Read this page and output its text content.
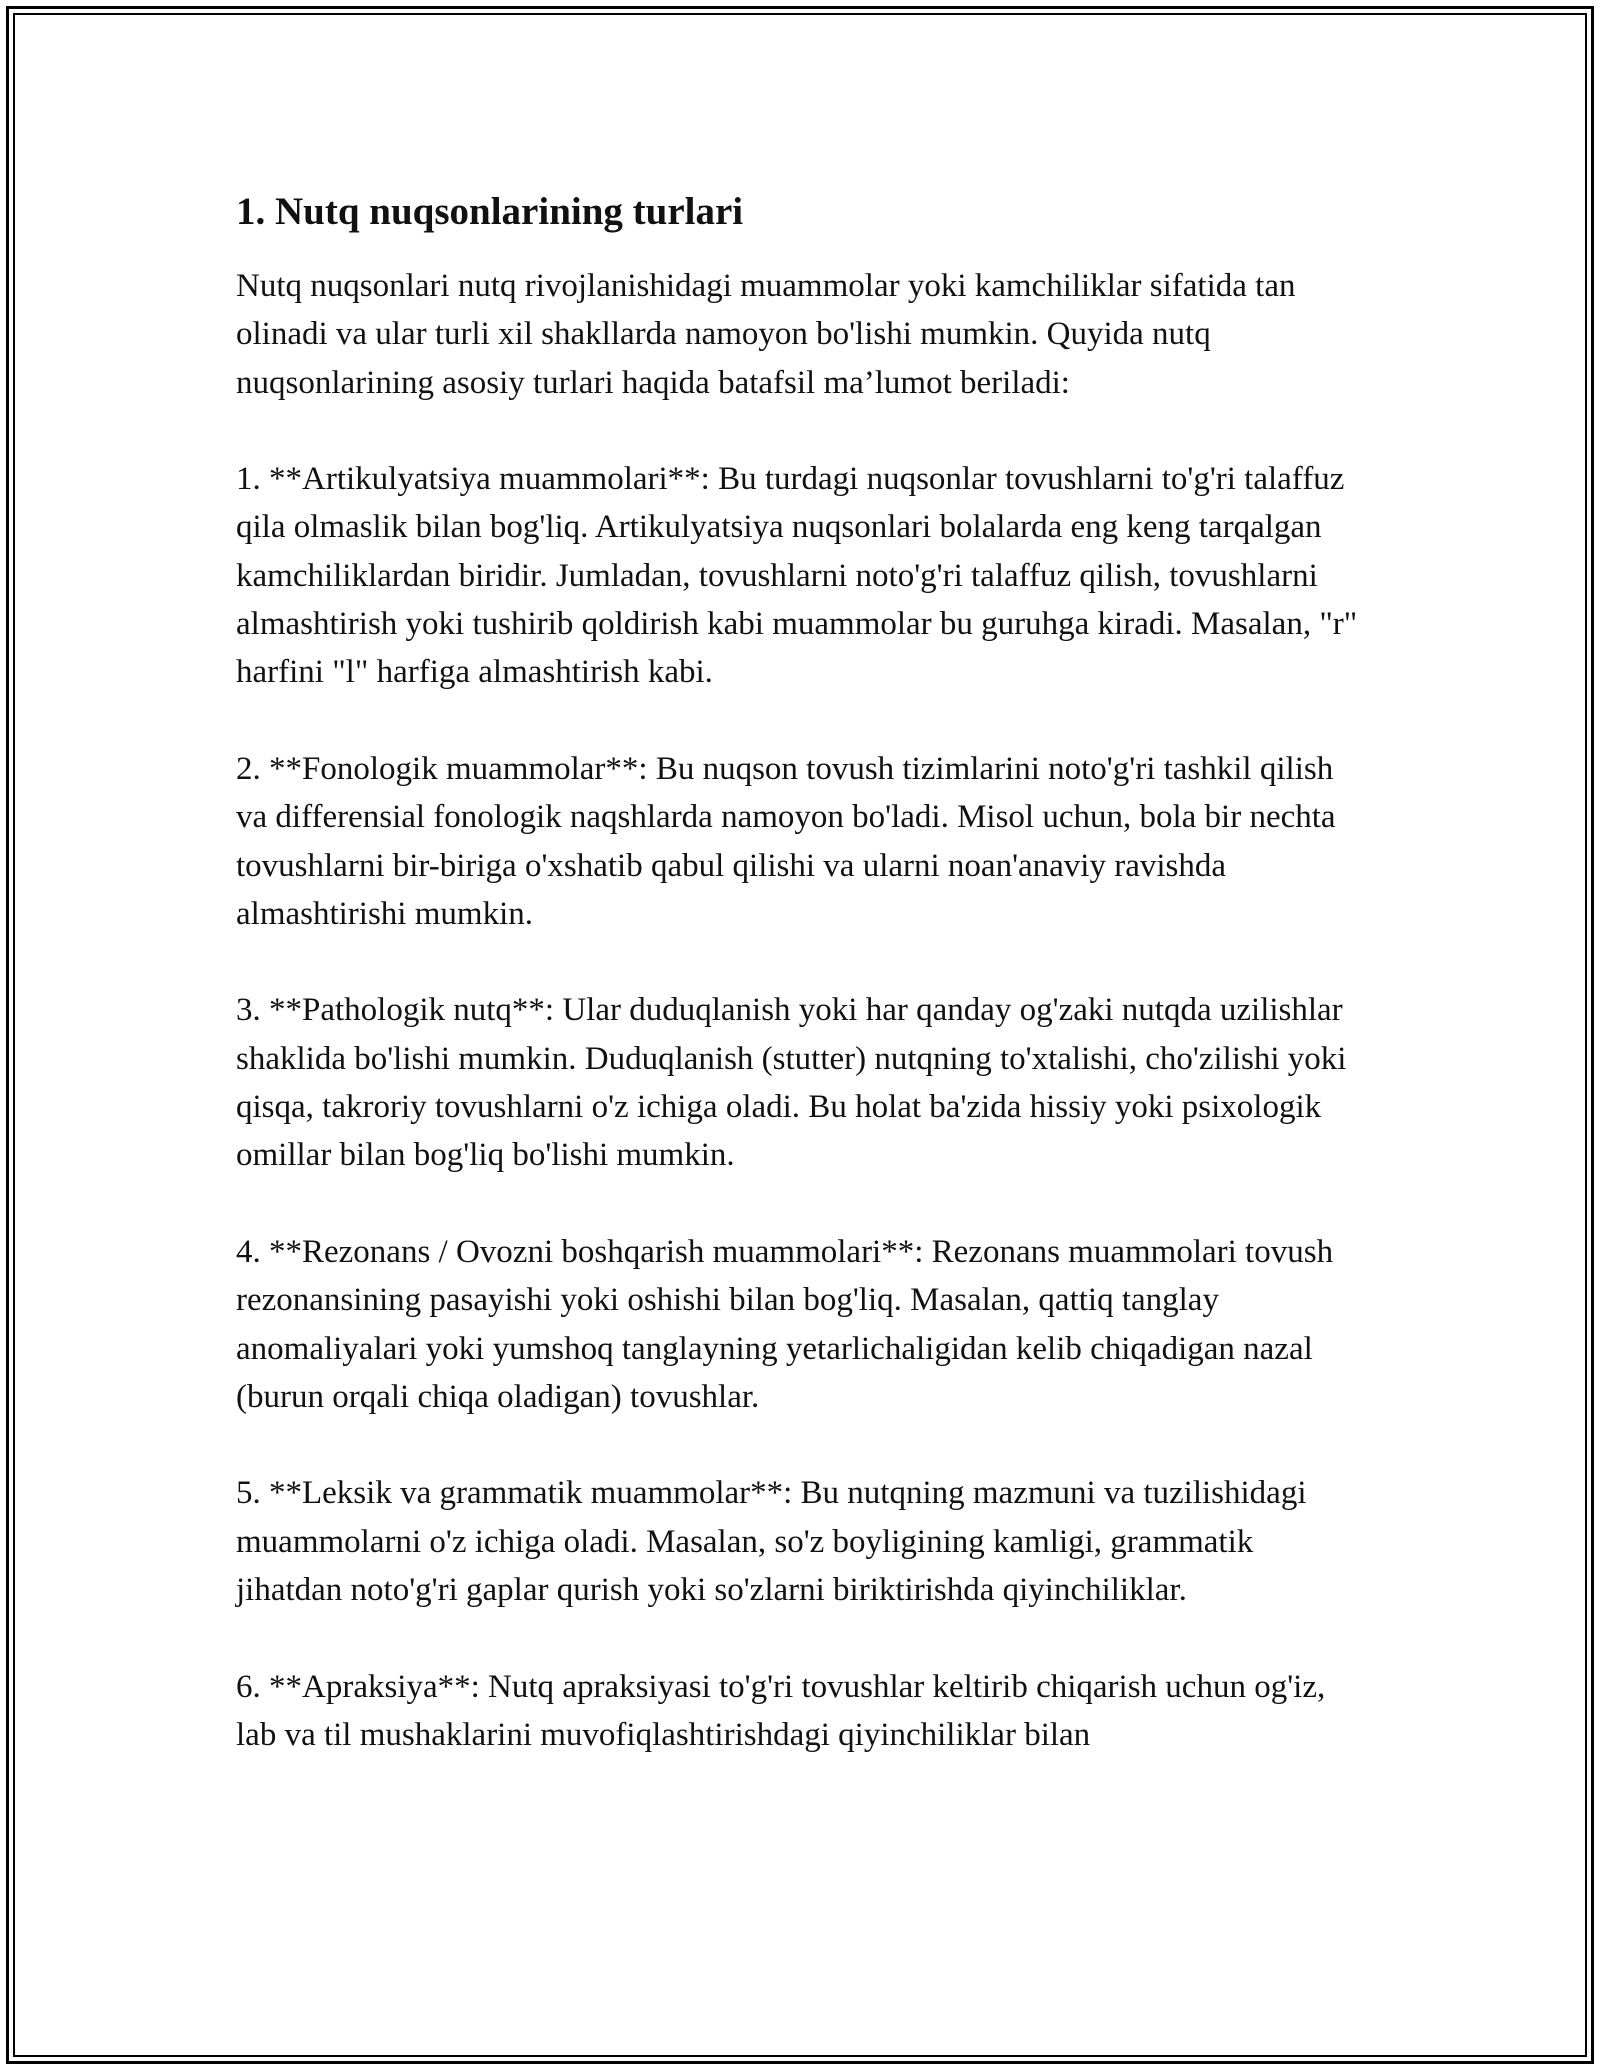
1. Nutq nuqsonlarining turlari

Nutq nuqsonlari nutq rivojlanishidagi muammolar yoki kamchiliklar sifatida tan olinadi va ular turli xil shakllarda namoyon bo'lishi mumkin. Quyida nutq nuqsonlarining asosiy turlari haqida batafsil ma’lumot beriladi:

1. **Artikulyatsiya muammolari**: Bu turdagi nuqsonlar tovushlarni to'g'ri talaffuz qila olmaslik bilan bog'liq. Artikulyatsiya nuqsonlari bolalarda eng keng tarqalgan kamchiliklardan biridir. Jumladan, tovushlarni noto'g'ri talaffuz qilish, tovushlarni almashtirish yoki tushirib qoldirish kabi muammolar bu guruhga kiradi. Masalan, "r" harfini "l" harfiga almashtirish kabi.

2. **Fonologik muammolar**: Bu nuqson tovush tizimlarini noto'g'ri tashkil qilish va differensial fonologik naqshlarda namoyon bo'ladi. Misol uchun, bola bir nechta tovushlarni bir-biriga o'xshatib qabul qilishi va ularni noan'anaviy ravishda almashtirishi mumkin.

3. **Pathologik nutq**: Ular duduqlanish yoki har qanday og'zaki nutqda uzilishlar shaklida bo'lishi mumkin. Duduqlanish (stutter) nutqning to'xtalishi, cho'zilishi yoki qisqa, takroriy tovushlarni o'z ichiga oladi. Bu holat ba'zida hissiy yoki psixologik omillar bilan bog'liq bo'lishi mumkin.

4. **Rezonans / Ovozni boshqarish muammolari**: Rezonans muammolari tovush rezonansining pasayishi yoki oshishi bilan bog'liq. Masalan, qattiq tanglay anomaliyalari yoki yumshoq tanglayning yetarlichaligidan kelib chiqadigan nazal (burun orqali chiqa oladigan) tovushlar.

5. **Leksik va grammatik muammolar**: Bu nutqning mazmuni va tuzilishidagi muammolarni o'z ichiga oladi. Masalan, so'z boyligining kamligi, grammatik jihatdan noto'g'ri gaplar qurish yoki so'zlarni biriktirishda qiyinchiliklar.

6. **Apraksiya**: Nutq apraksiyasi to'g'ri tovushlar keltirib chiqarish uchun og'iz, lab va til mushaklarini muvofiqlashtirishdagi qiyinchiliklar bilan
